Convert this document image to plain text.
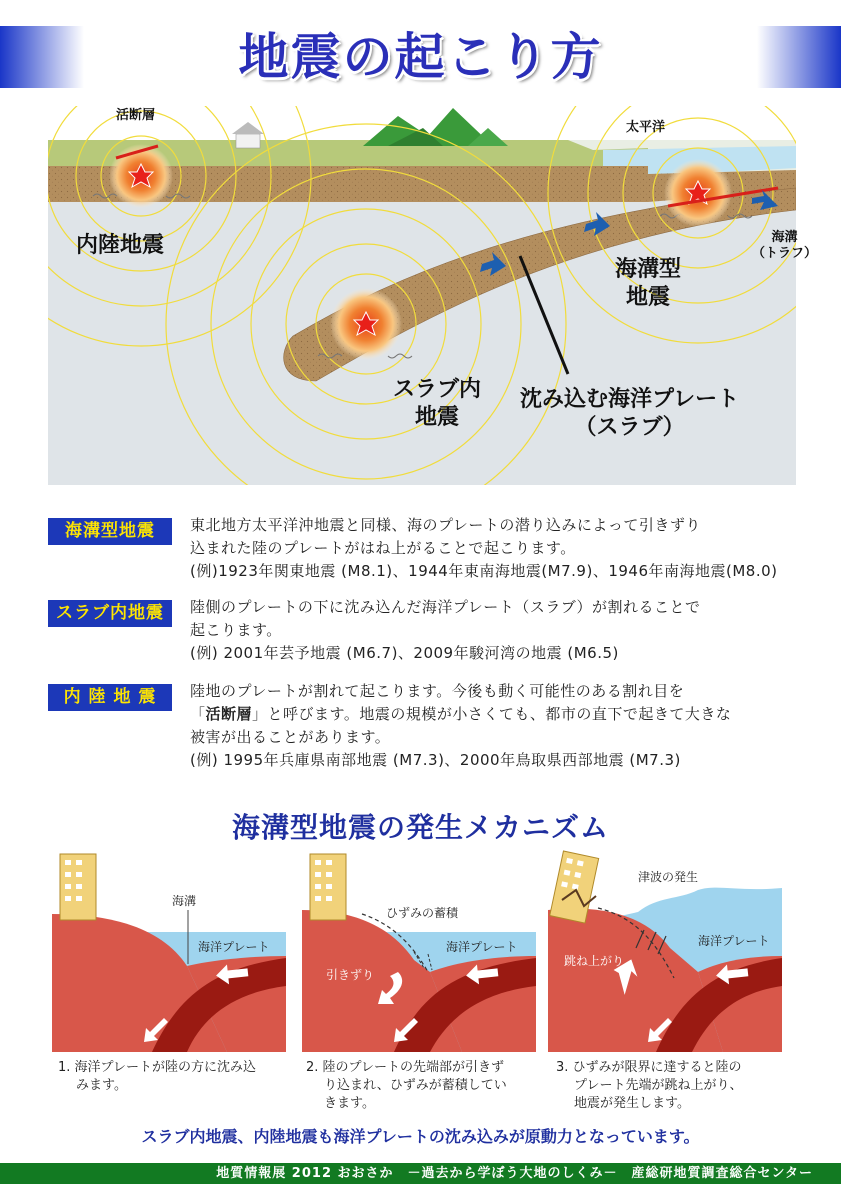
地震の起こり方
活断層
太平洋
内陸地震	海溝
（トラフ）
海溝型
地震
スラブ内
地震
沈み込む海洋プレート
（スラブ）
海溝型地震	東北地方太平洋沖地震と同様、海のプレートの潜り込みによって引きずり

込まれた陸のプレートがはね上がることで起こります。

(例)1923年関東地震 (M8.1)、1944年東南海地震(M7.9)、1946年南海地震(M8.0)

スラブ内地震	陸側のプレートの下に沈み込んだ海洋プレート（スラブ）が割れることで

起こります。

(例) 2001年芸予地震 (M6.7)、2009年駿河湾の地震 (M6.5)

内 陸 地 震	陸地のプレートが割れて起こります。今後も動く可能性のある割れ目を

「活断層」と呼びます。地震の規模が小さくても、都市の直下で起きて大きな

被害が出ることがあります。

(例) 1995年兵庫県南部地震 (M7.3)、2000年鳥取県西部地震 (M7.3)

海溝型地震の発生メカニズム
海溝
海洋プレート
ひずみの蓄積
海洋プレート
引きずり
津波の発生
海洋プレート
跳ね上がり
1. 海洋プレートが陸の方に沈み込
みます。
2. 陸のプレートの先端部が引きず
り込まれ、ひずみが蓄積してい
きます。
3. ひずみが限界に達すると陸の
プレート先端が跳ね上がり、
地震が発生します。
スラブ内地震、内陸地震も海洋プレートの沈み込みが原動力となっています。
地質情報展 2012 おおさか　－過去から学ぼう大地のしくみ－　産総研地質調査総合センター
